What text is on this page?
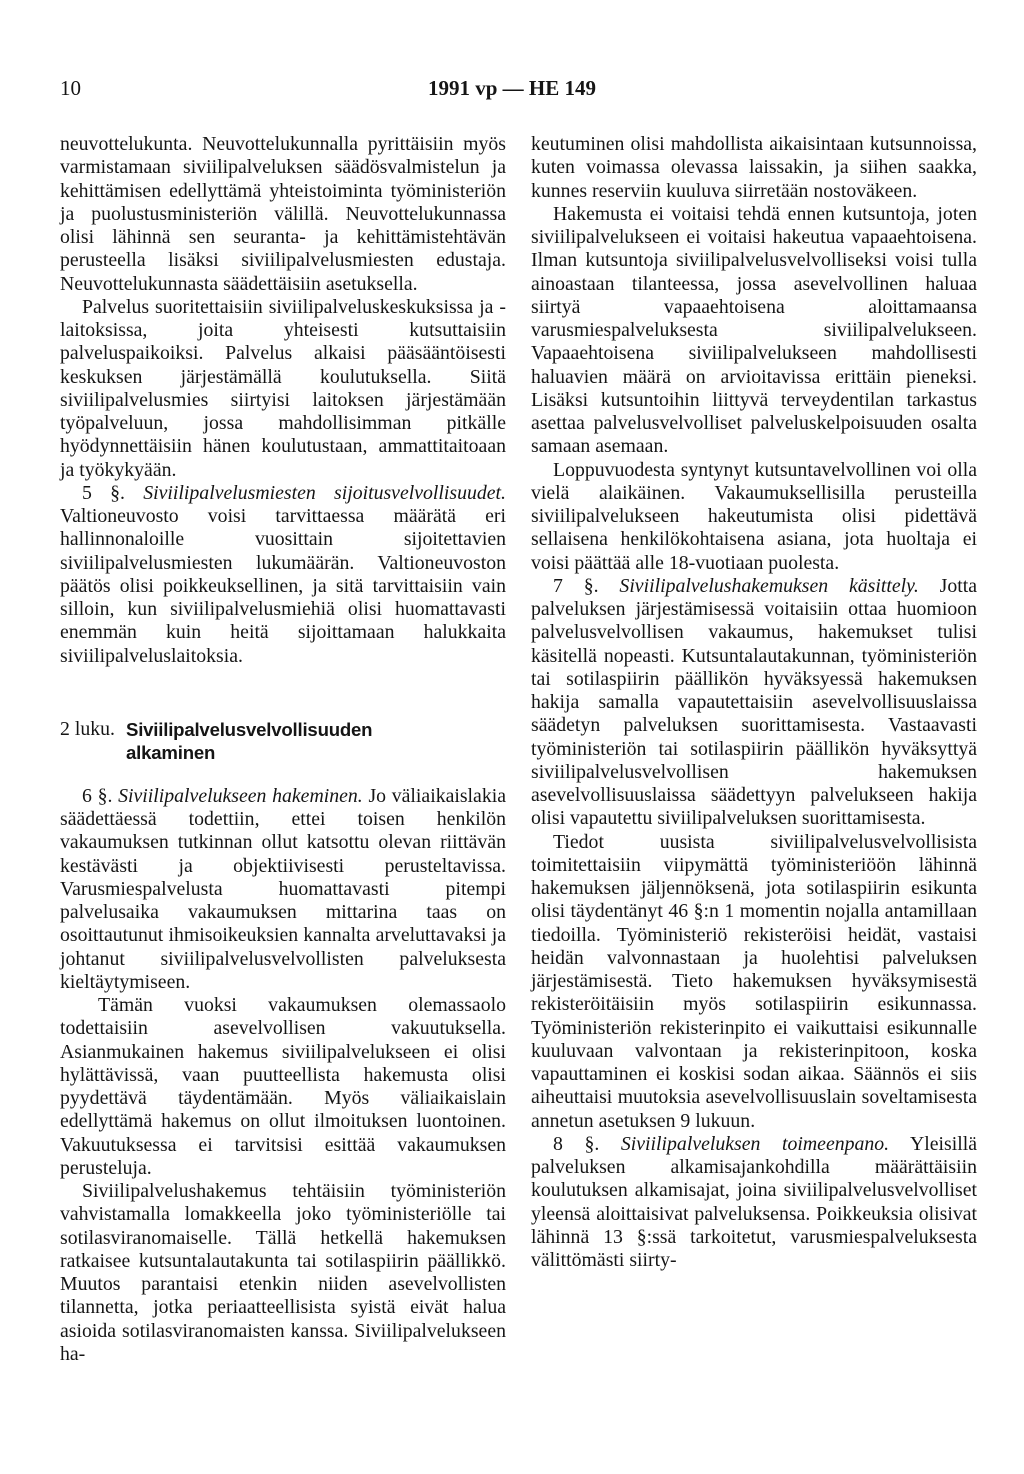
10	1991 vp — HE 149

neuvottelukunta. Neuvottelukunnalla pyrittäisiin myös varmistamaan siviilipalveluksen säädösvalmistelun ja kehittämisen edellyttämä yhteistoiminta työministeriön ja puolustusministeriön välillä. Neuvottelukunnassa olisi lähinnä sen seuranta- ja kehittämistehtävän perusteella lisäksi siviilipalvelusmiesten edustaja. Neuvottelukunnasta säädettäisiin asetuksella.

Palvelus suoritettaisiin siviilipalveluskeskuksissa ja -laitoksissa, joita yhteisesti kutsuttaisiin palveluspaikoiksi. Palvelus alkaisi pääsääntöisesti keskuksen järjestämällä koulutuksella. Siitä siviilipalvelusmies siirtyisi laitoksen järjestämään työpalveluun, jossa mahdollisimman pitkälle hyödynnettäisiin hänen koulutustaan, ammattitaitoaan ja työkykyään.

5 §. Siviilipalvelusmiesten sijoitusvelvollisuudet. Valtioneuvosto voisi tarvittaessa määrätä eri hallinnonaloille vuosittain sijoitettavien siviilipalvelusmiesten lukumäärän. Valtioneuvoston päätös olisi poikkeuksellinen, ja sitä tarvittaisiin vain silloin, kun siviilipalvelusmiehiä olisi huomattavasti enemmän kuin heitä sijoittamaan halukkaita siviilipalveluslaitoksia.

2 luku. Siviilipalvelusvelvollisuuden
alkaminen

6 §. Siviilipalvelukseen hakeminen. Jo väliaikaislakia säädettäessä todettiin, ettei toisen henkilön vakaumuksen tutkinnan ollut katsottu olevan riittävän kestävästi ja objektiivisesti perusteltavissa. Varusmiespalvelusta huomattavasti pitempi palvelusaika vakaumuksen mittarina taas on osoittautunut ihmisoikeuksien kannalta arveluttavaksi ja johtanut siviilipalvelusvelvollisten palveluksesta kieltäytymiseen.

Tämän vuoksi vakaumuksen olemassaolo todettaisiin asevelvollisen vakuutuksella. Asianmukainen hakemus siviilipalvelukseen ei olisi hylättävissä, vaan puutteellista hakemusta olisi pyydettävä täydentämään. Myös väliaikaislain edellyttämä hakemus on ollut ilmoituksen luontoinen. Vakuutuksessa ei tarvitsisi esittää vakaumuksen perusteluja.

Siviilipalvelushakemus tehtäisiin työministeriön vahvistamalla lomakkeella joko työministeriölle tai sotilasviranomaiselle. Tällä hetkellä hakemuksen ratkaisee kutsuntalautakunta tai sotilaspiirin päällikkö. Muutos parantaisi etenkin niiden asevelvollisten tilannetta, jotka periaatteellisista syistä eivät halua asioida sotilasviranomaisten kanssa. Siviilipalvelukseen ha-

keutuminen olisi mahdollista aikaisintaan kutsunnoissa, kuten voimassa olevassa laissakin, ja siihen saakka, kunnes reserviin kuuluva siirretään nostoväkeen.

Hakemusta ei voitaisi tehdä ennen kutsuntoja, joten siviilipalvelukseen ei voitaisi hakeutua vapaaehtoisena. Ilman kutsuntoja siviilipalvelusvelvolliseksi voisi tulla ainoastaan tilanteessa, jossa asevelvollinen haluaa siirtyä vapaaehtoisena aloittamaansa varusmiespalveluksesta siviilipalvelukseen. Vapaaehtoisena siviilipalvelukseen mahdollisesti haluavien määrä on arvioitavissa erittäin pieneksi. Lisäksi kutsuntoihin liittyvä terveydentilan tarkastus asettaa palvelusvelvolliset palveluskelpoisuuden osalta samaan asemaan.

Loppuvuodesta syntynyt kutsuntavelvollinen voi olla vielä alaikäinen. Vakaumuksellisilla perusteilla siviilipalvelukseen hakeutumista olisi pidettävä sellaisena henkilökohtaisena asiana, jota huoltaja ei voisi päättää alle 18-vuotiaan puolesta.

7 §. Siviilipalvelushakemuksen käsittely. Jotta palveluksen järjestämisessä voitaisiin ottaa huomioon palvelusvelvollisen vakaumus, hakemukset tulisi käsitellä nopeasti. Kutsuntalautakunnan, työministeriön tai sotilaspiirin päällikön hyväksyessä hakemuksen hakija samalla vapautettaisiin asevelvollisuuslaissa säädetyn palveluksen suorittamisesta. Vastaavasti työministeriön tai sotilaspiirin päällikön hyväksyttyä siviilipalvelusvelvollisen hakemuksen asevelvollisuuslaissa säädettyyn palvelukseen hakija olisi vapautettu siviilipalveluksen suorittamisesta.

Tiedot uusista siviilipalvelusvelvollisista toimitettaisiin viipymättä työministeriöön lähinnä hakemuksen jäljennöksenä, jota sotilaspiirin esikunta olisi täydentänyt 46 §:n 1 momentin nojalla antamillaan tiedoilla. Työministeriö rekisteröisi heidät, vastaisi heidän valvonnastaan ja huolehtisi palveluksen järjestämisestä. Tieto hakemuksen hyväksymisestä rekisteröitäisiin myös sotilaspiirin esikunnassa. Työministeriön rekisterinpito ei vaikuttaisi esikunnalle kuuluvaan valvontaan ja rekisterinpitoon, koska vapauttaminen ei koskisi sodan aikaa. Säännös ei siis aiheuttaisi muutoksia asevelvollisuuslain soveltamisesta annetun asetuksen 9 lukuun.

8 §. Siviilipalveluksen toimeenpano. Yleisillä palveluksen alkamisajankohdilla määrättäisiin koulutuksen alkamisajat, joina siviilipalvelusvelvolliset yleensä aloittaisivat palveluksensa. Poikkeuksia olisivat lähinnä 13 §:ssä tarkoitetut, varusmiespalveluksesta välittömästi siirty-
